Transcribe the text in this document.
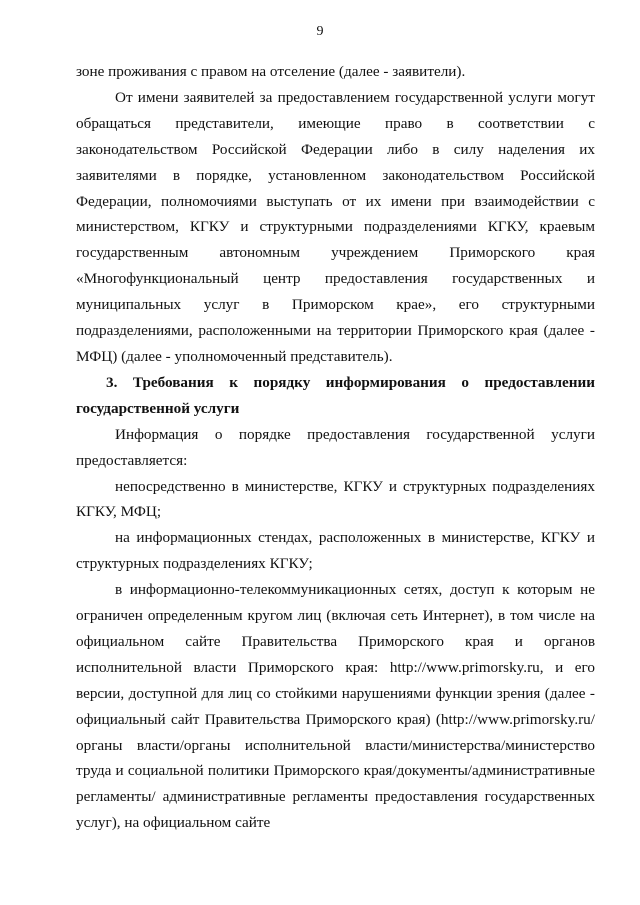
9

зоне проживания с правом на отселение (далее - заявители).

От имени заявителей за предоставлением государственной услуги могут обращаться представители, имеющие право в соответствии с законодательством Российской Федерации либо в силу наделения их заявителями в порядке, установленном законодательством Российской Федерации, полномочиями выступать от их имени при взаимодействии с министерством, КГКУ и структурными подразделениями КГКУ, краевым государственным автономным учреждением Приморского края «Многофункциональный центр предоставления государственных и муниципальных услуг в Приморском крае», его структурными подразделениями, расположенными на территории Приморского края (далее - МФЦ) (далее - уполномоченный представитель).

3. Требования к порядку информирования о предоставлении государственной услуги

Информация о порядке предоставления государственной услуги предоставляется:

непосредственно в министерстве, КГКУ и структурных подразделениях КГКУ, МФЦ;

на информационных стендах, расположенных в министерстве, КГКУ и структурных подразделениях КГКУ;

в информационно-телекоммуникационных сетях, доступ к которым не ограничен определенным кругом лиц (включая сеть Интернет), в том числе на официальном сайте Правительства Приморского края и органов исполнительной власти Приморского края: http://www.primorsky.ru, и его версии, доступной для лиц со стойкими нарушениями функции зрения (далее - официальный сайт Правительства Приморского края) (http://www.primorsky.ru/органы власти/органы исполнительной власти/министерства/министерство труда и социальной политики Приморского края/документы/административные регламенты/ административные регламенты предоставления государственных услуг), на официальном сайте
